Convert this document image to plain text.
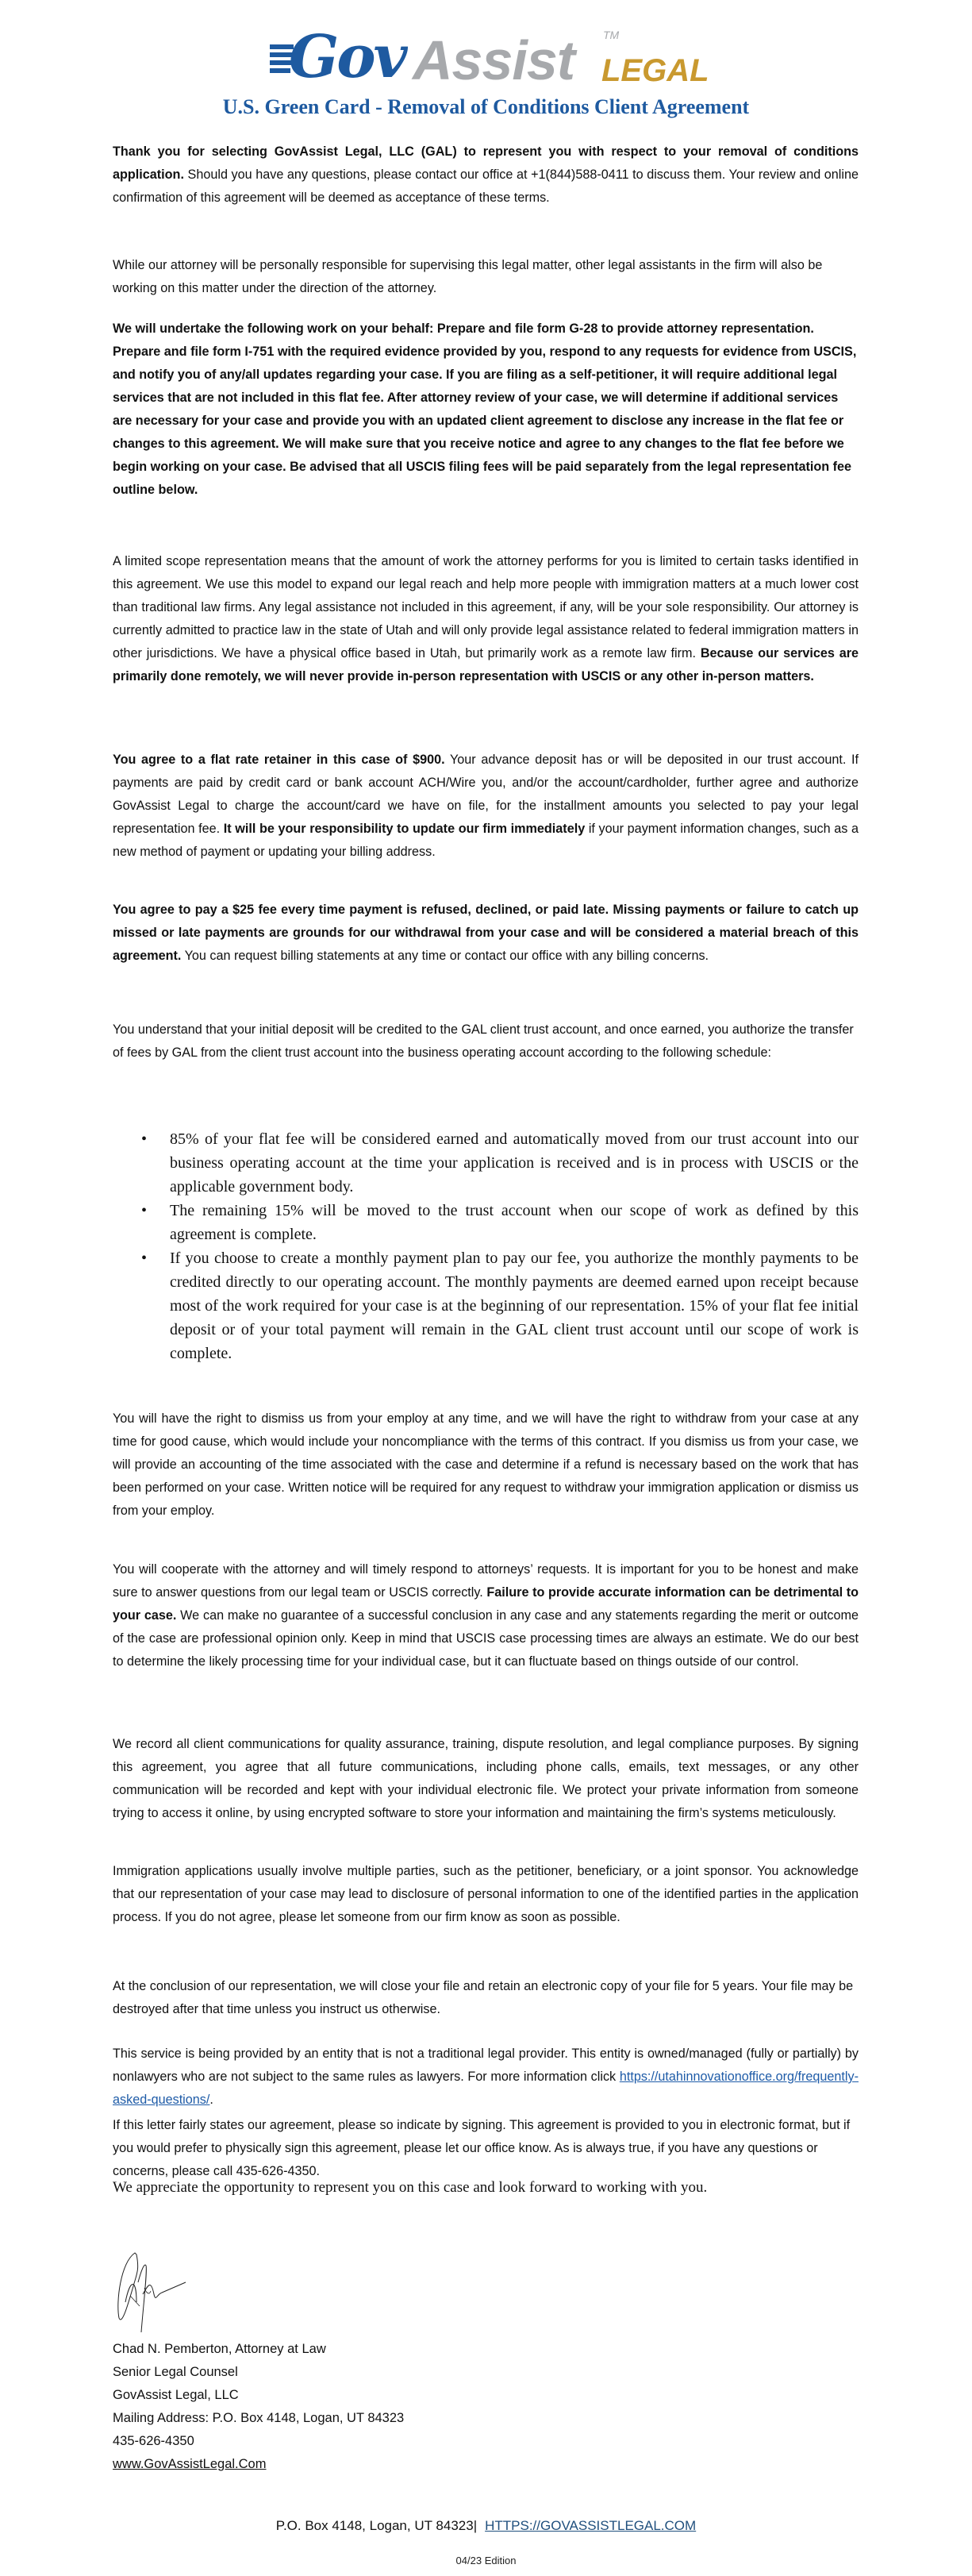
Gov Assist	TM
LEGAL
U.S. Green Card - Removal of Conditions Client Agreement

Thank you for selecting GovAssist Legal, LLC (GAL) to represent you with respect to your removal of conditions application. Should you have any questions, please contact our office at +1(844)588-0411 to discuss them. Your review and online confirmation of this agreement will be deemed as acceptance of these terms.

While our attorney will be personally responsible for supervising this legal matter, other legal assistants in the firm will also be working on this matter under the direction of the attorney.

We will undertake the following work on your behalf: Prepare and file form G-28 to provide attorney representation. Prepare and file form I-751 with the required evidence provided by you, respond to any requests for evidence from USCIS, and notify you of any/all updates regarding your case. If you are filing as a self-petitioner, it will require additional legal services that are not included in this flat fee. After attorney review of your case, we will determine if additional services are necessary for your case and provide you with an updated client agreement to disclose any increase in the flat fee or changes to this agreement. We will make sure that you receive notice and agree to any changes to the flat fee before we begin working on your case. Be advised that all USCIS filing fees will be paid separately from the legal representation fee outline below.

A limited scope representation means that the amount of work the attorney performs for you is limited to certain tasks identified in this agreement. We use this model to expand our legal reach and help more people with immigration matters at a much lower cost than traditional law firms. Any legal assistance not included in this agreement, if any, will be your sole responsibility. Our attorney is currently admitted to practice law in the state of Utah and will only provide legal assistance related to federal immigration matters in other jurisdictions. We have a physical office based in Utah, but primarily work as a remote law firm. Because our services are primarily done remotely, we will never provide in-person representation with USCIS or any other in-person matters.

You agree to a flat rate retainer in this case of $900. Your advance deposit has or will be deposited in our trust account. If payments are paid by credit card or bank account ACH/Wire you, and/or the account/cardholder, further agree and authorize GovAssist Legal to charge the account/card we have on file, for the installment amounts you selected to pay your legal representation fee. It will be your responsibility to update our firm immediately if your payment information changes, such as a new method of payment or updating your billing address.

You agree to pay a $25 fee every time payment is refused, declined, or paid late. Missing payments or failure to catch up missed or late payments are grounds for our withdrawal from your case and will be considered a material breach of this agreement. You can request billing statements at any time or contact our office with any billing concerns.

You understand that your initial deposit will be credited to the GAL client trust account, and once earned, you authorize the transfer of fees by GAL from the client trust account into the business operating account according to the following schedule:

• 85% of your flat fee will be considered earned and automatically moved from our trust account into our business operating account at the time your application is received and is in process with USCIS or the applicable government body.
• The remaining 15% will be moved to the trust account when our scope of work as defined by this agreement is complete.
• If you choose to create a monthly payment plan to pay our fee, you authorize the monthly payments to be credited directly to our operating account. The monthly payments are deemed earned upon receipt because most of the work required for your case is at the beginning of our representation. 15% of your flat fee initial deposit or of your total payment will remain in the GAL client trust account until our scope of work is complete.

You will have the right to dismiss us from your employ at any time, and we will have the right to withdraw from your case at any time for good cause, which would include your noncompliance with the terms of this contract. If you dismiss us from your case, we will provide an accounting of the time associated with the case and determine if a refund is necessary based on the work that has been performed on your case. Written notice will be required for any request to withdraw your immigration application or dismiss us from your employ.

You will cooperate with the attorney and will timely respond to attorneys’ requests. It is important for you to be honest and make sure to answer questions from our legal team or USCIS correctly. Failure to provide accurate information can be detrimental to your case. We can make no guarantee of a successful conclusion in any case and any statements regarding the merit or outcome of the case are professional opinion only. Keep in mind that USCIS case processing times are always an estimate. We do our best to determine the likely processing time for your individual case, but it can fluctuate based on things outside of our control.

We record all client communications for quality assurance, training, dispute resolution, and legal compliance purposes. By signing this agreement, you agree that all future communications, including phone calls, emails, text messages, or any other communication will be recorded and kept with your individual electronic file. We protect your private information from someone trying to access it online, by using encrypted software to store your information and maintaining the firm’s systems meticulously.

Immigration applications usually involve multiple parties, such as the petitioner, beneficiary, or a joint sponsor. You acknowledge that our representation of your case may lead to disclosure of personal information to one of the identified parties in the application process. If you do not agree, please let someone from our firm know as soon as possible.

At the conclusion of our representation, we will close your file and retain an electronic copy of your file for 5 years. Your file may be destroyed after that time unless you instruct us otherwise.

This service is being provided by an entity that is not a traditional legal provider. This entity is owned/managed (fully or partially) by nonlawyers who are not subject to the same rules as lawyers. For more information click https://utahinnovationoffice.org/frequently-asked-questions/.

If this letter fairly states our agreement, please so indicate by signing. This agreement is provided to you in electronic format, but if you would prefer to physically sign this agreement, please let our office know. As is always true, if you have any questions or concerns, please call 435-626-4350.

We appreciate the opportunity to represent you on this case and look forward to working with you.
Chad N. Pemberton, Attorney at Law
Senior Legal Counsel
GovAssist Legal, LLC
Mailing Address: P.O. Box 4148, Logan, UT 84323
435-626-4350
www.GovAssistLegal.Com
P.O. Box 4148, Logan, UT 84323| HTTPS://GOVASSISTLEGAL.COM
04/23 Edition
